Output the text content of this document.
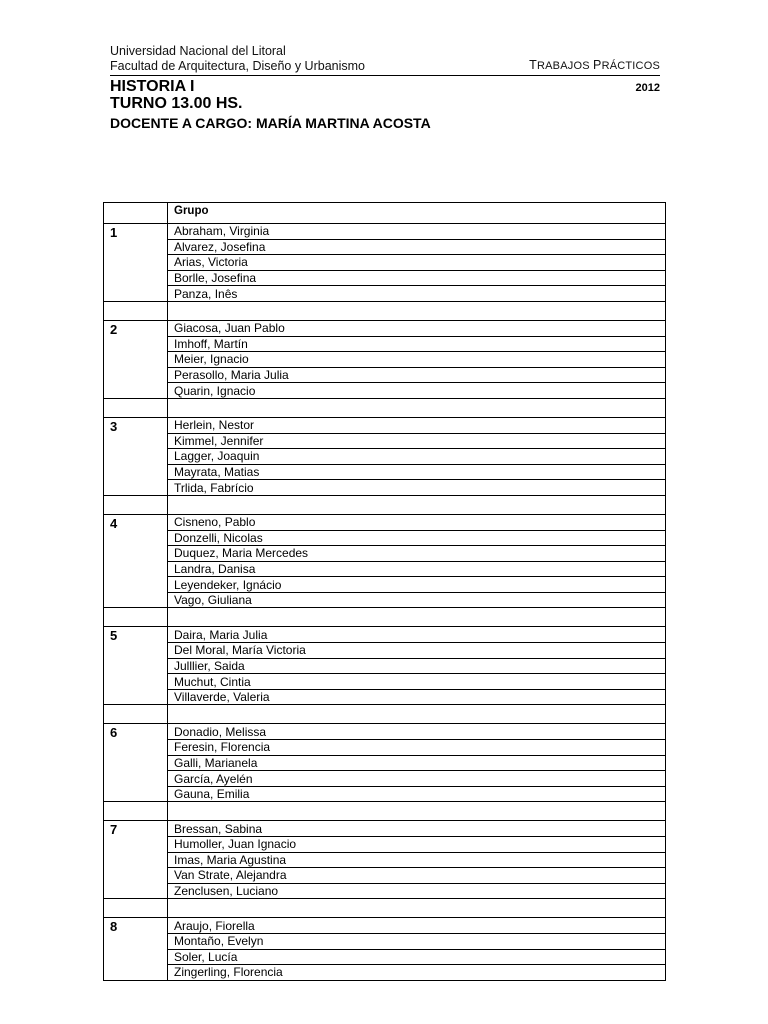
Universidad Nacional del Litoral
Facultad de Arquitectura, Diseño y Urbanismo	TRABAJOS PRÁCTICOS
HISTORIA I	2012
TURNO 13.00 HS.
DOCENTE A CARGO: MARÍA MARTINA ACOSTA
	Grupo
1	Abraham, Virginia
	Alvarez, Josefina
	Arias, Victoria
	Borlle, Josefina
	Panza, Inês

2	Giacosa, Juan Pablo
	Imhoff, Martín
	Meier, Ignacio
	Perasollo, Maria Julia
	Quarin, Ignacio

3	Herlein, Nestor
	Kimmel, Jennifer
	Lagger, Joaquin
	Mayrata, Matias
	Trlida, Fabrício

4	Cisneno, Pablo
	Donzelli, Nicolas
	Duquez, Maria Mercedes
	Landra, Danisa
	Leyendeker, Ignácio
	Vago, Giuliana

5	Daira, Maria Julia
	Del Moral, María Victoria
	Julllier, Saida
	Muchut, Cintia
	Villaverde, Valeria

6	Donadio, Melissa
	Feresin, Florencia
	Galli, Marianela
	García, Ayelén
	Gauna, Emilia

7	Bressan, Sabina
	Humoller, Juan Ignacio
	Imas, Maria Agustina
	Van Strate, Alejandra
	Zenclusen, Luciano

8	Araujo, Fiorella
	Montaño, Evelyn
	Soler, Lucía
	Zingerling, Florencia
